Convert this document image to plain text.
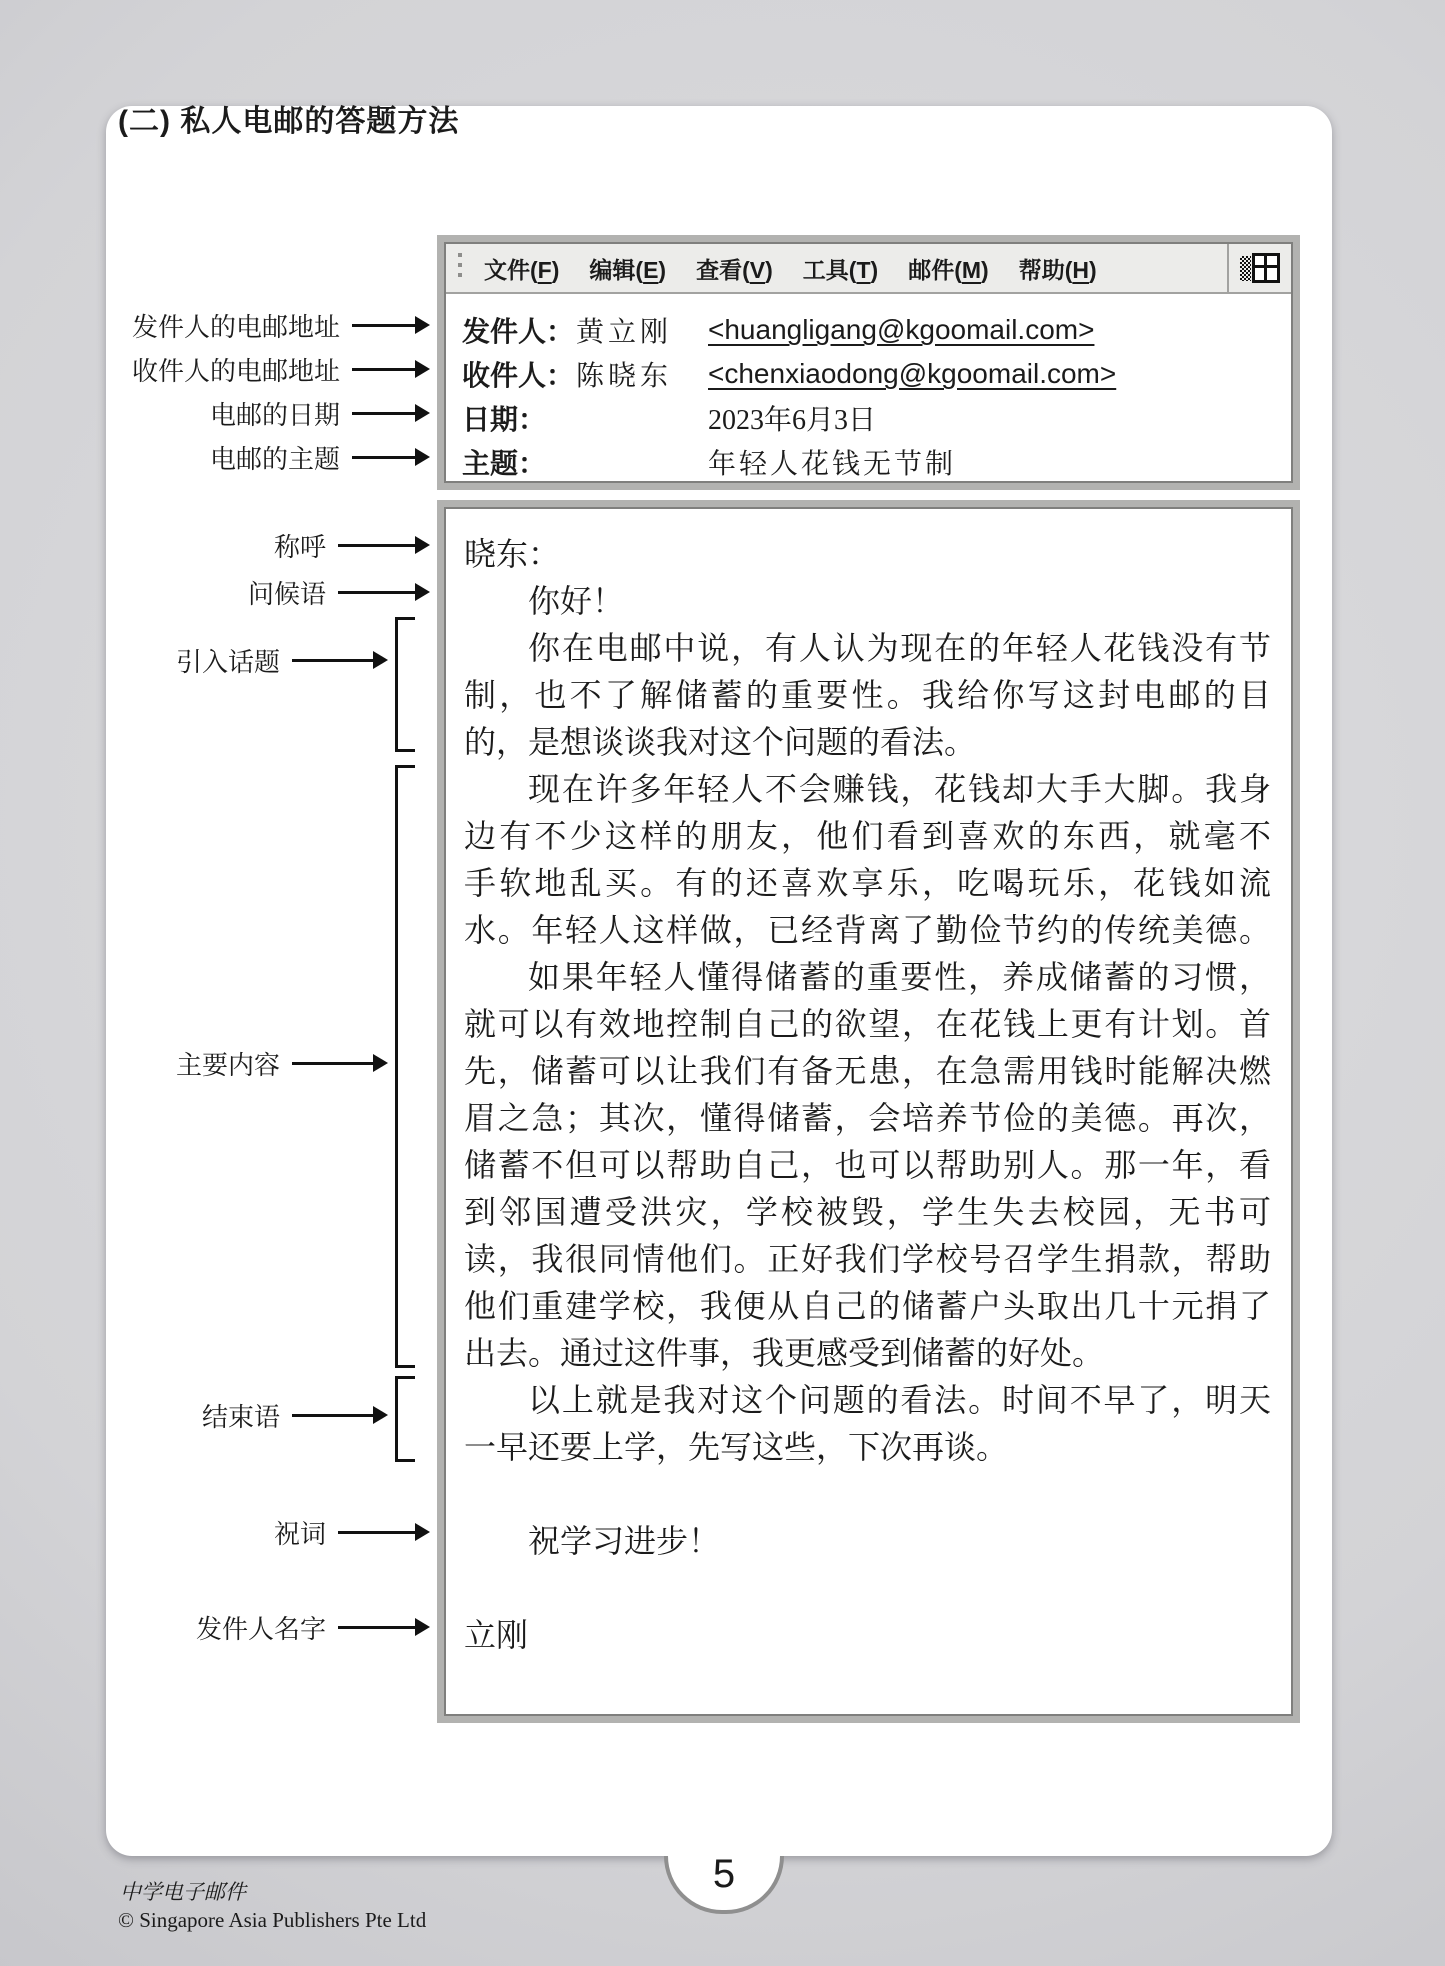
(二) 私人电邮的答题方法
文件(F) 编辑(E) 查看(V) 工具(T) 邮件(M) 帮助(H)
发件人： 黄立刚	<huangligang@kgoomail.com>
收件人： 陈晓东	<chenxiaodong@kgoomail.com>
日期：	2023年6月3日
主题：	年轻人花钱无节制
晓东：
你好！
你在电邮中说，有人认为现在的年轻人花钱没有节
制，也不了解储蓄的重要性。我给你写这封电邮的目
的，是想谈谈我对这个问题的看法。
现在许多年轻人不会赚钱，花钱却大手大脚。我身
边有不少这样的朋友，他们看到喜欢的东西，就毫不
手软地乱买。有的还喜欢享乐，吃喝玩乐，花钱如流
水。年轻人这样做，已经背离了勤俭节约的传统美德。
如果年轻人懂得储蓄的重要性，养成储蓄的习惯，
就可以有效地控制自己的欲望，在花钱上更有计划。首
先，储蓄可以让我们有备无患，在急需用钱时能解决燃
眉之急；其次，懂得储蓄，会培养节俭的美德。再次，
储蓄不但可以帮助自己，也可以帮助别人。那一年，看
到邻国遭受洪灾，学校被毁，学生失去校园，无书可
读，我很同情他们。正好我们学校号召学生捐款，帮助
他们重建学校，我便从自己的储蓄户头取出几十元捐了
出去。通过这件事，我更感受到储蓄的好处。
以上就是我对这个问题的看法。时间不早了，明天
一早还要上学，先写这些，下次再谈。
祝学习进步！
立刚
发件人的电邮地址
收件人的电邮地址
电邮的日期
电邮的主题
称呼
问候语
引入话题
主要内容
结束语
祝词
发件人名字
5
中学电子邮件
© Singapore Asia Publishers Pte Ltd
